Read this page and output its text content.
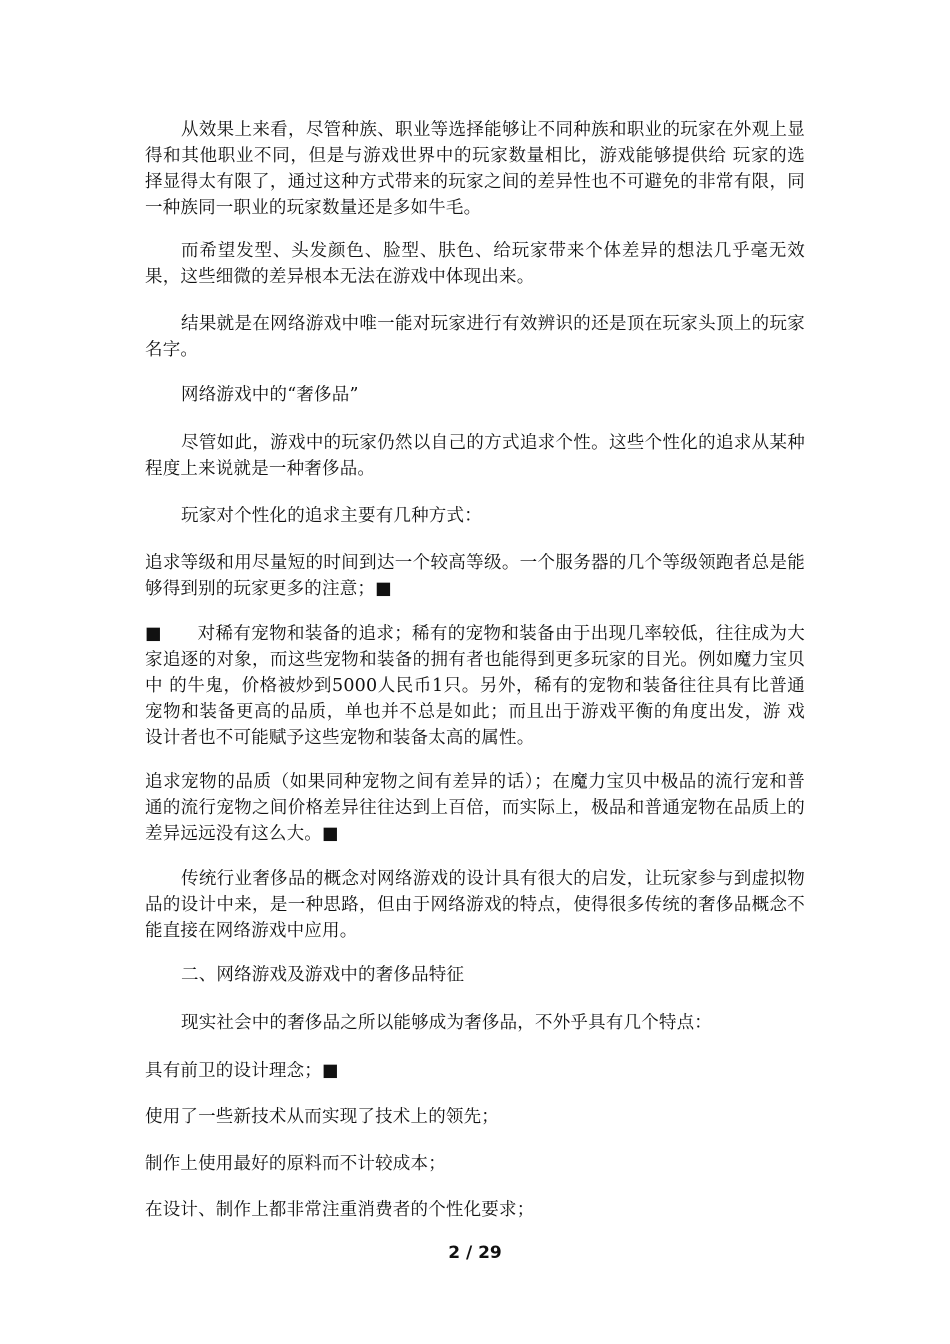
从效果上来看，尽管种族、职业等选择能够让不同种族和职业的玩家在外观上显得和其他职业不同，但是与游戏世界中的玩家数量相比，游戏能够提供给 玩家的选择显得太有限了，通过这种方式带来的玩家之间的差异性也不可避免的非常有限，同一种族同一职业的玩家数量还是多如牛毛。

而希望发型、头发颜色、脸型、肤色、给玩家带来个体差异的想法几乎毫无效果，这些细微的差异根本无法在游戏中体现出来。

结果就是在网络游戏中唯一能对玩家进行有效辨识的还是顶在玩家头顶上的玩家名字。

网络游戏中的“奢侈品”

尽管如此，游戏中的玩家仍然以自己的方式追求个性。这些个性化的追求从某种程度上来说就是一种奢侈品。

玩家对个性化的追求主要有几种方式：

追求等级和用尽量短的时间到达一个较高等级。一个服务器的几个等级领跑者总是能够得到别的玩家更多的注意；■

■　　对稀有宠物和装备的追求；稀有的宠物和装备由于出现几率较低，往往成为大家追逐的对象，而这些宠物和装备的拥有者也能得到更多玩家的目光。例如魔力宝贝中 的牛鬼，价格被炒到5000人民币1只。另外，稀有的宠物和装备往往具有比普通宠物和装备更高的品质，单也并不总是如此；而且出于游戏平衡的角度出发，游 戏设计者也不可能赋予这些宠物和装备太高的属性。

追求宠物的品质（如果同种宠物之间有差异的话）；在魔力宝贝中极品的流行宠和普通的流行宠物之间价格差异往往达到上百倍，而实际上，极品和普通宠物在品质上的差异远远没有这么大。■

传统行业奢侈品的概念对网络游戏的设计具有很大的启发，让玩家参与到虚拟物品的设计中来，是一种思路，但由于网络游戏的特点，使得很多传统的奢侈品概念不能直接在网络游戏中应用。

二、网络游戏及游戏中的奢侈品特征

现实社会中的奢侈品之所以能够成为奢侈品，不外乎具有几个特点：

具有前卫的设计理念；■

使用了一些新技术从而实现了技术上的领先；

制作上使用最好的原料而不计较成本；

在设计、制作上都非常注重消费者的个性化要求；

2 / 29
